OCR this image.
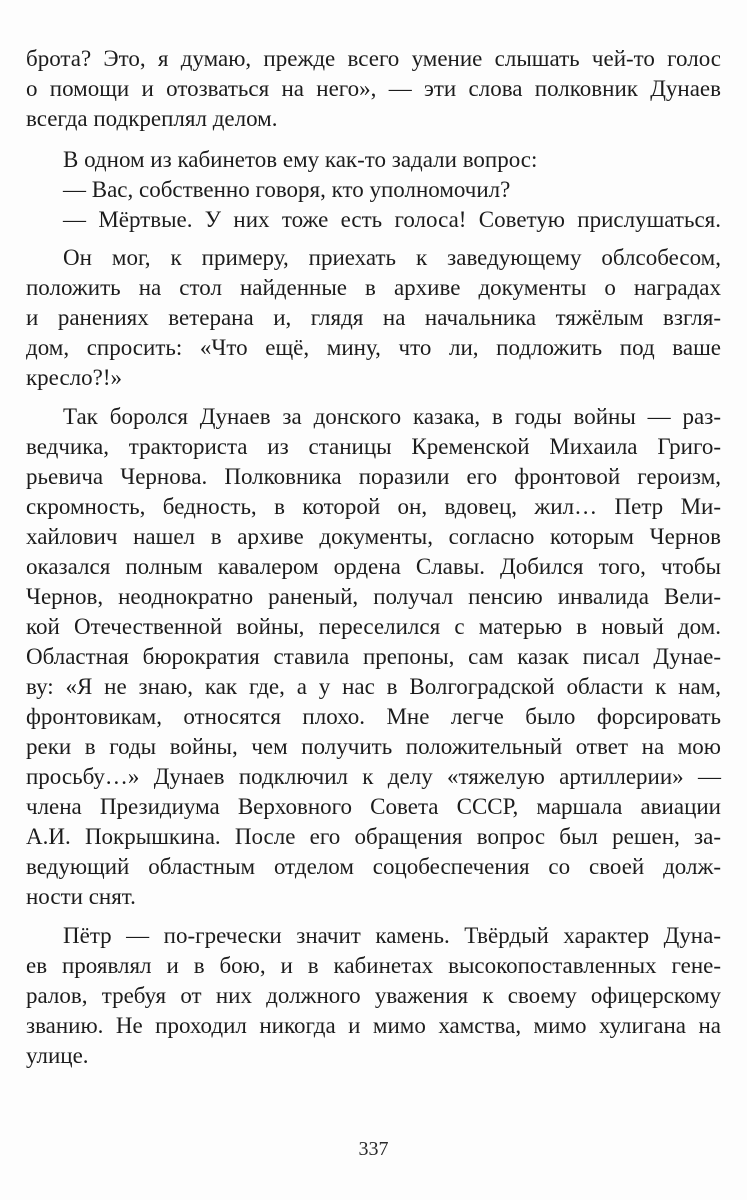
брота? Это, я думаю, прежде всего умение слышать чей-то голос
о помощи и отозваться на него», — эти слова полковник Дунаев
всегда подкреплял делом.
В одном из кабинетов ему как-то задали вопрос:
— Вас, собственно говоря, кто уполномочил?
— Мёртвые. У них тоже есть голоса! Советую прислушаться.
Он мог, к примеру, приехать к заведующему облсобесом,
положить на стол найденные в архиве документы о наградах
и ранениях ветерана и, глядя на начальника тяжёлым взгля-
дом, спросить: «Что ещё, мину, что ли, подложить под ваше
кресло?!»
Так боролся Дунаев за донского казака, в годы войны — раз-
ведчика, тракториста из станицы Кременской Михаила Григо-
рьевича Чернова. Полковника поразили его фронтовой героизм,
скромность, бедность, в которой он, вдовец, жил… Петр Ми-
хайлович нашел в архиве документы, согласно которым Чернов
оказался полным кавалером ордена Славы. Добился того, чтобы
Чернов, неоднократно раненый, получал пенсию инвалида Вели-
кой Отечественной войны, переселился с матерью в новый дом.
Областная бюрократия ставила препоны, сам казак писал Дунае-
ву: «Я не знаю, как где, а у нас в Волгоградской области к нам,
фронтовикам, относятся плохо. Мне легче было форсировать
реки в годы войны, чем получить положительный ответ на мою
просьбу…» Дунаев подключил к делу «тяжелую артиллерии» —
члена Президиума Верховного Совета СССР, маршала авиации
А.И. Покрышкина. После его обращения вопрос был решен, за-
ведующий областным отделом соцобеспечения со своей долж-
ности снят.
Пётр — по-гречески значит камень. Твёрдый характер Дуна-
ев проявлял и в бою, и в кабинетах высокопоставленных гене-
ралов, требуя от них должного уважения к своему офицерскому
званию. Не проходил никогда и мимо хамства, мимо хулигана на
улице.
337
